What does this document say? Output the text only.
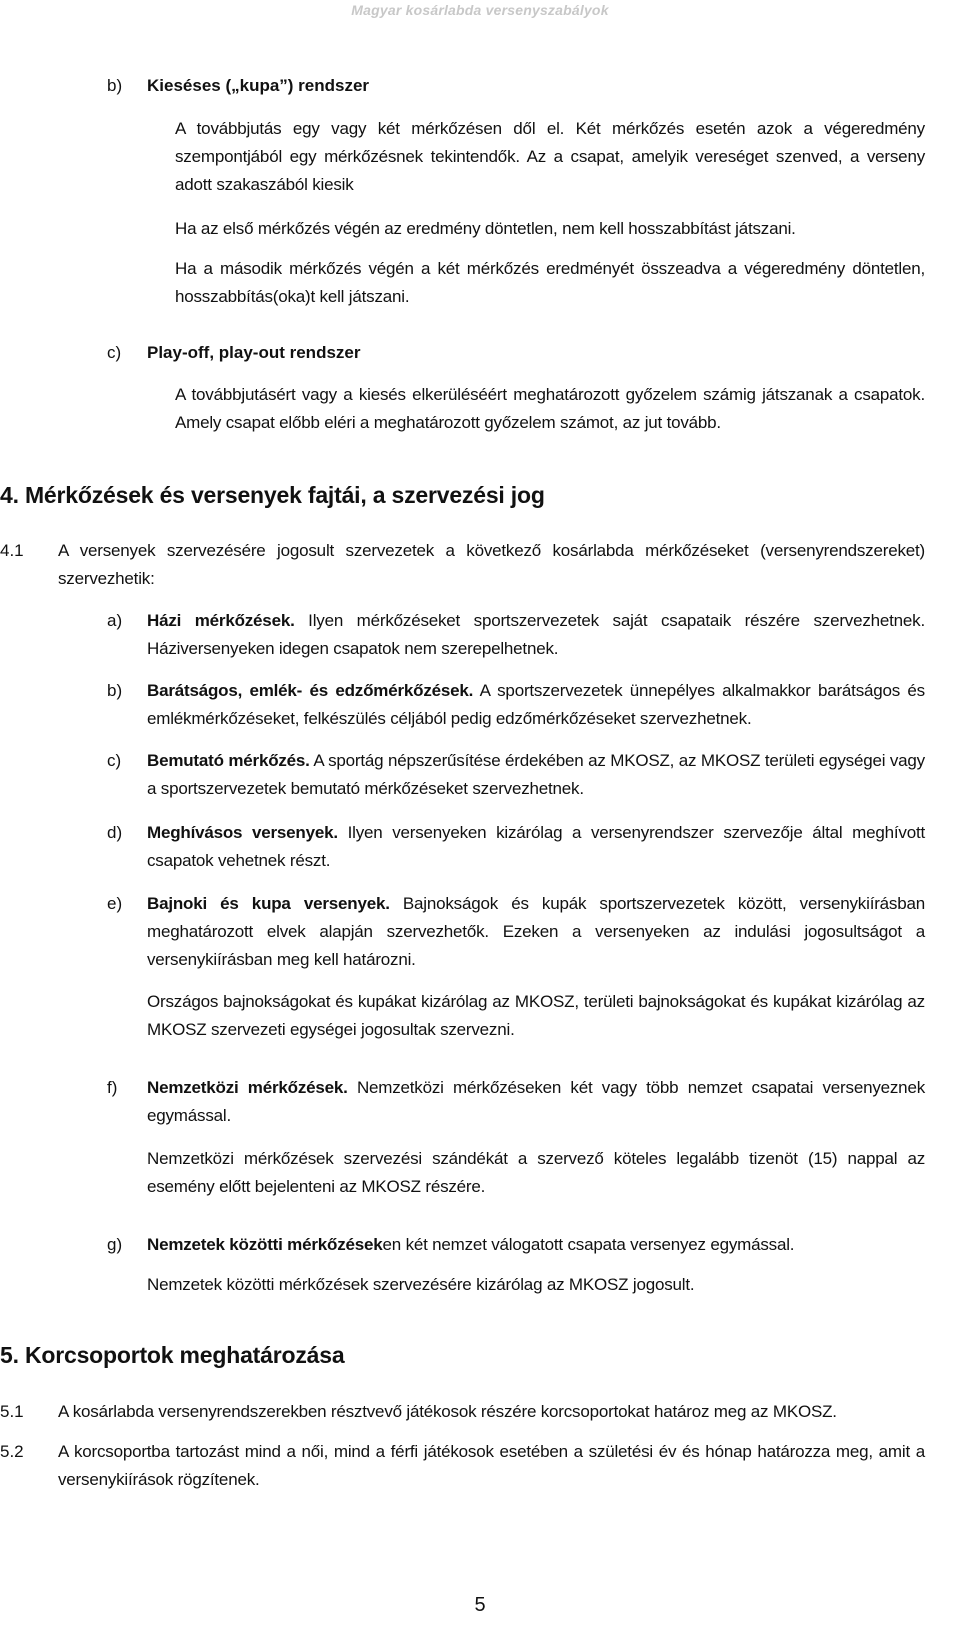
Magyar kosárlabda versenyszabályok
b) Kieséses („kupa”) rendszer
A továbbjutás egy vagy két mérkőzésen dől el. Két mérkőzés esetén azok a végeredmény szempontjából egy mérkőzésnek tekintendők. Az a csapat, amelyik vereséget szenved, a verseny adott szakaszából kiesik
Ha az első mérkőzés végén az eredmény döntetlen, nem kell hosszabbítást játszani.
Ha a második mérkőzés végén a két mérkőzés eredményét összeadva a végeredmény döntetlen, hosszabbítás(oka)t kell játszani.
c) Play-off, play-out rendszer
A továbbjutásért vagy a kiesés elkerüléséért meghatározott győzelem számig játszanak a csapatok. Amely csapat előbb eléri a meghatározott győzelem számot, az jut tovább.
4. Mérkőzések és versenyek fajtái, a szervezési jog
4.1 A versenyek szervezésére jogosult szervezetek a következő kosárlabda mérkőzéseket (versenyrendszereket) szervezhetik:
a) Házi mérkőzések. Ilyen mérkőzéseket sportszervezetek saját csapataik részére szervezhetnek. Háziversenyeken idegen csapatok nem szerepelhetnek.
b) Barátságos, emlék- és edzőmérkőzések. A sportszervezetek ünnepélyes alkalmakkor barátságos és emlékmérkőzéseket, felkészülés céljából pedig edzőmérkőzéseket szervezhetnek.
c) Bemutató mérkőzés. A sportág népszerűsítése érdekében az MKOSZ, az MKOSZ területi egységei vagy a sportszervezetek bemutató mérkőzéseket szervezhetnek.
d) Meghívásos versenyek. Ilyen versenyeken kizárólag a versenyrendszer szervezője által meghívott csapatok vehetnek részt.
e) Bajnoki és kupa versenyek. Bajnokságok és kupák sportszervezetek között, versenykiírásban meghatározott elvek alapján szervezhetők. Ezeken a versenyeken az indulási jogosultságot a versenykiírásban meg kell határozni.
Országos bajnokságokat és kupákat kizárólag az MKOSZ, területi bajnokságokat és kupákat kizárólag az MKOSZ szervezeti egységei jogosultak szervezni.
f) Nemzetközi mérkőzések. Nemzetközi mérkőzéseken két vagy több nemzet csapatai versenyeznek egymással.
Nemzetközi mérkőzések szervezési szándékát a szervező köteles legalább tizenöt (15) nappal az esemény előtt bejelenteni az MKOSZ részére.
g) Nemzetek közötti mérkőzéseken két nemzet válogatott csapata versenyez egymással.
Nemzetek közötti mérkőzések szervezésére kizárólag az MKOSZ jogosult.
5. Korcsoportok meghatározása
5.1 A kosárlabda versenyrendszerekben résztvevő játékosok részére korcsoportokat határoz meg az MKOSZ.
5.2 A korcsoportba tartozást mind a női, mind a férfi játékosok esetében a születési év és hónap határozza meg, amit a versenykiírások rögzítenek.
5
